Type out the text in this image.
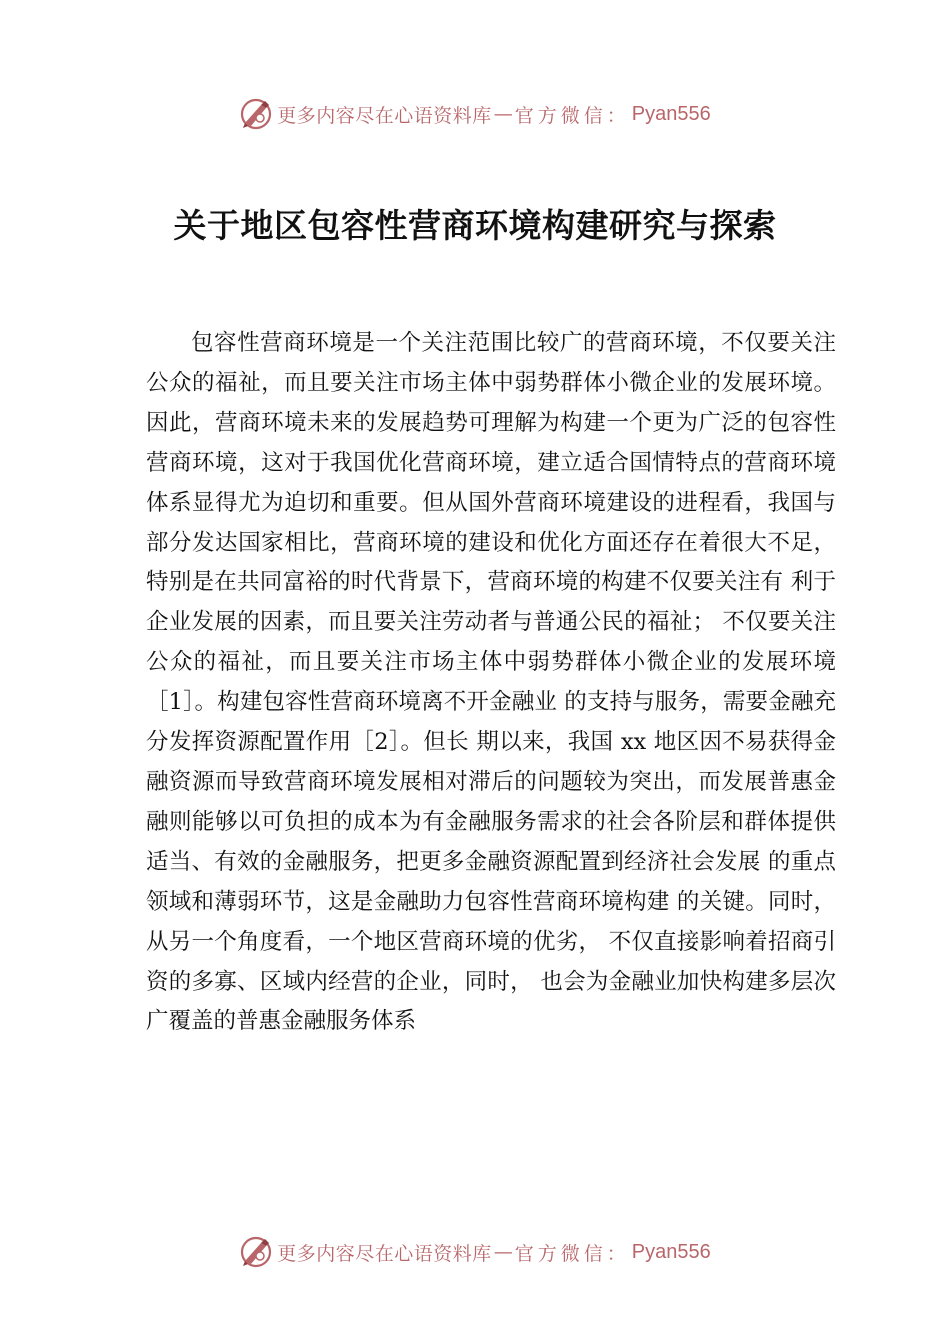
更多内容尽在心语资料库 — 官方微信： Pyan556
关于地区包容性营商环境构建研究与探索

包容性营商环境是一个关注范围比较广的营商环境，不仅要关注公众的福祉，而且要关注市场主体中弱势群体小微企业的发展环境。因此，营商环境未来的发展趋势可理解为构建一个更为广泛的包容性营商环境，这对于我国优化营商环境，建立适合国情特点的营商环境体系显得尤为迫切和重要。但从国外营商环境建设的进程看，我国与部分发达国家相比，营商环境的建设和优化方面还存在着很大不足，特别是在共同富裕的时代背景下，营商环境的构建不仅要关注有 利于企业发展的因素，而且要关注劳动者与普通公民的福祉； 不仅要关注公众的福祉，而且要关注市场主体中弱势群体小微企业的发展环境［1］。构建包容性营商环境离不开金融业 的支持与服务，需要金融充分发挥资源配置作用［2］。但长 期以来，我国 xx 地区因不易获得金融资源而导致营商环境发展相对滞后的问题较为突出，而发展普惠金融则能够以可负担的成本为有金融服务需求的社会各阶层和群体提供适当、有效的金融服务，把更多金融资源配置到经济社会发展 的重点领域和薄弱环节，这是金融助力包容性营商环境构建 的关键。同时，从另一个角度看，一个地区营商环境的优劣， 不仅直接影响着招商引资的多寡、区域内经营的企业，同时， 也会为金融业加快构建多层次广覆盖的普惠金融服务体系

更多内容尽在心语资料库 — 官方微信： Pyan556
